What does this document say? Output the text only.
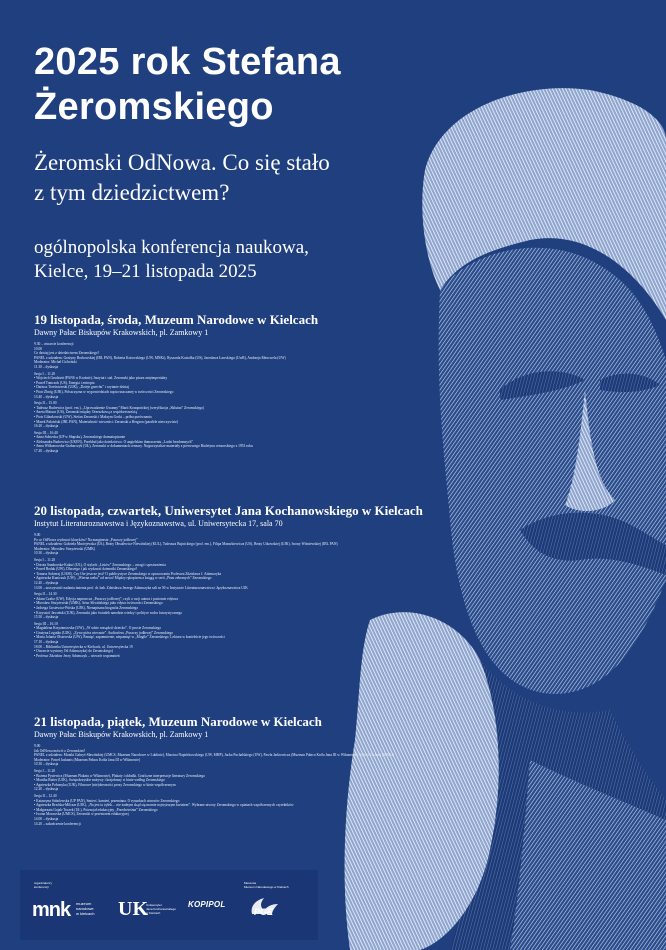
2025 rok Stefana
Żeromskiego
Żeromski OdNowa. Co się stało
z tym dziedzictwem?
ogólnopolska konferencja naukowa,
Kielce, 19–21 listopada 2025
19 listopada, środa, Muzeum Narodowe w Kielcach
Dawny Pałac Biskupów Krakowskich, pl. Zamkowy 1
9.30 – otwarcie konferencji
10.00
Co dzisiaj jest z dziedzictwem Żeromskiego?
PANEL z udziałem: Grażyny Borkowskiej (IBL PAN), Roberta Kotowskiego (UW, MNKi), Ryszarda Koziołka (UŚ), Jarosława Ławskiego (UwB), Andrzeja Mencwela (UW)
Moderator: Michał Cichoński
11.30 – dyskusja

Sesja I – 11.20
• Wojciech Grudzień (PANS w Krośnie), Instytut i stal. Żeromski jako pisarz antyimperialny
• Paweł Tomczok (UŚ), Energia i entropia
• Dariusz Trześniowski (UJK), „Dzieje grzechu” i czytanie dzisiaj
• Piotr Zbróg (UJK), Polszczyzna w wypowiedziach tuptu ruszczanej w twórczości Żeromskiego
13.40 – dyskusja

Sesja II – 15.00
• Tadeusz Budrewicz (prof. em.), „Uprowadzenie Gwanny” Marii Konopnickiej (weryfikacja „Sklutna” Żeromskiego)
• Aneta Matuur (UŚ), Żeromski między Orzeszkową a współczesnością
• Piotr Gilankowski (UW), Stefan Żeromski i Maksym Gorki – próba porównania
• Marek Pakciński (IBL PAN), Materialność wiecznści: Żeromski a Bergson (paralele nieoczywiste)
16.20 – dyskusja

Sesja III – 16.40
• Anna Sobiecka (UP w Słupsku), Żeromskiego dramatopisanie
• Aleksandra Budrewicz (UKEN), Przekład jako dziedzictwo. O angielskim tłumaczeniu „Ludzi bezdomnych”
• Anna Wilkonowska-Grabarczyk (UŁ), Żeromski w dokumentach cenzury. Najpoczytalsze materiały z pierwszego Biuletynu cenzorskiego z 1953 roku
17.40 – dyskusja
20 listopada, czwartek, Uniwersytet Jana Kochanowskiego w Kielcach
Instytut Literaturoznawstwa i Językoznawstwa, ul. Uniwersytecka 17, sala 70
9.00
Po co OdNowa wydawać klasyków? Na marginesie „Puszczy jodłowej”
PANEL z udziałem: Gabriela Maciejewska (UŁ), Beaty Obsulewicz-Niewińskiej (KUL), Tadeusza Bujnickiego (prof. em.), Filipa Mazurkiewicza (UŚ), Beaty Utkowskiej (UJK), Iwony Wiśniewskiej (IBL PAN)
Moderator: Mirosław Strzyżewski (UMK)
10.30 – dyskusja

Sesja I – 11.20
• Dorota Samborska-Kukuć (UŁ), O stylach „Listów” Żeromskiego – uwagi i spostrzeżenia
• Paweł Bodak (UW), Dlaczego i jak wydawać dzienniki Żeromskiego?
• Tomasz Sobieraj (UAM), Czy Ore jeszcze jest? O publicystyce Żeromskiego w opracowaniu Profesora Zdzisława J. Adamczyka
• Agnieszka Kuniczuk (UW), „Wierna rzeka” od nowa! Między rękopisem a księgą w serii „Pism zebranych” Żeromskiego
12.40 – dyskusja
13.00 – uroczystość nadania imienia prof. dr. hab. Zdzisława Jerzego Adamczyka sali nr 50 w Instytucie Literaturoznawstwa i Językoznawstwa UJK

Sesja II – 14.30
• Adam Czabo (UW), Edycja naprawcza „Puszczy jodłowej”, czyli o racji autora i poziomie edytora
• Mirosław Strzyżewski (UMK), Artur Śliwińskiego jako edytor twórczości Żeromskiego
• Jadwiga Gosiewicz-Ptitska (UJK), Nienapisana biografia Żeromskiego
• Krzysztof Jawoński (UJK), Żeromski jako świadek narodzin wiedzy i polityce ruchu futurystycznego
15.50 – dyskusja

Sesja III – 16.10
• Magdalena Krzyżanowska (UW), „W sobie rozsądzić dziecko”. O procie Żeromskiego
• Grażyna Legutko (UJK), „Żywe pióra wiecznie”. Audiosfera „Puszczy jodłowej” Żeromskiego
• Maria Jolanta Olszewska (UW), Pamięć, zapomnienie, niepamięć w „Mogile” Żeromskiego. Lektura w kontekście jego twórczości
17.10 – dyskusja
18.00 – Biblioteka Uniwersytecka w Kielcach, ul. Uniwersytecka 19
• Otwarcie wystawy Od Adamczyka) do Żeromskiego)
• Profesor Zdzisław Jerzy Adamczyk – wieczór wspomnień
21 listopada, piątek, Muzeum Narodowe w Kielcach
Dawny Pałac Biskupów Krakowskich, pl. Zamkowy 1
9.00
Jak OdNowa mówić o Żeromskim?
PANEL z udziałem: Moniki Gabryś-Sławińskiej (UMCS, Muzeum Narodowe w Lublinie), Marcina Napiórkowskiego (UW, MHP), Jacka Puchalskiego (UW), Pawła Jarkiewicza (Muzeum Pałacu Króla Jana III w Wilanowie), Sylwii Zachara (MNKi)
Moderator: Paweł Jaskanis (Muzeum Pałacu Króla Jana III w Wilanowie)
10.30 – dyskusja

Sesja I – 11.20
• Bożena Pysiewicz (Muzeum Plakatu w Wilanowie), Plakaty i okładki. Graficzne interpretacje literatury Żeromskiego
• Monika Rutter (UJK), Świętokrzyskie motywy i krajobrazy w kinie według Żeromskiego
• Agnieszka Połomyka (UJK), Filmowe (nie)obecności prozy Żeromskiego w kinie współczesnym
12.20 – dyskusja

Sesja II – 12.40
• Katarzyna Sobolewska (UP PAN), Śmierć, kamień, przemiana. O rysunkach utworów Żeromskiego
• Agnieszka Brzóska-Milczar (UJK), „Na jest to żyłek… nie żadnym skąd się marnie najwyższym kwiatem”. Wybrane utwory Żeromskiego w opiniach współczesnych czytelników
• Małgorzata Gajak-Toczek (UŁ), Potencjał edukacyjny „Przedwiośnia” Żeromskiego
• Iwona Morawska (UMCS), Żeromski w przestrzeni edukacyjnej
14.00 – dyskusja
14.20 – zakończenie konferencji
organizatorzy konferencji
mnk muzeum
narodowe
w kielcach UK
Uniwersytet
Jana Kochanowskiego
w Kielcach
KOPIPOL
Mecenas
Muzeum Narodowego w Kielcach
PGE
